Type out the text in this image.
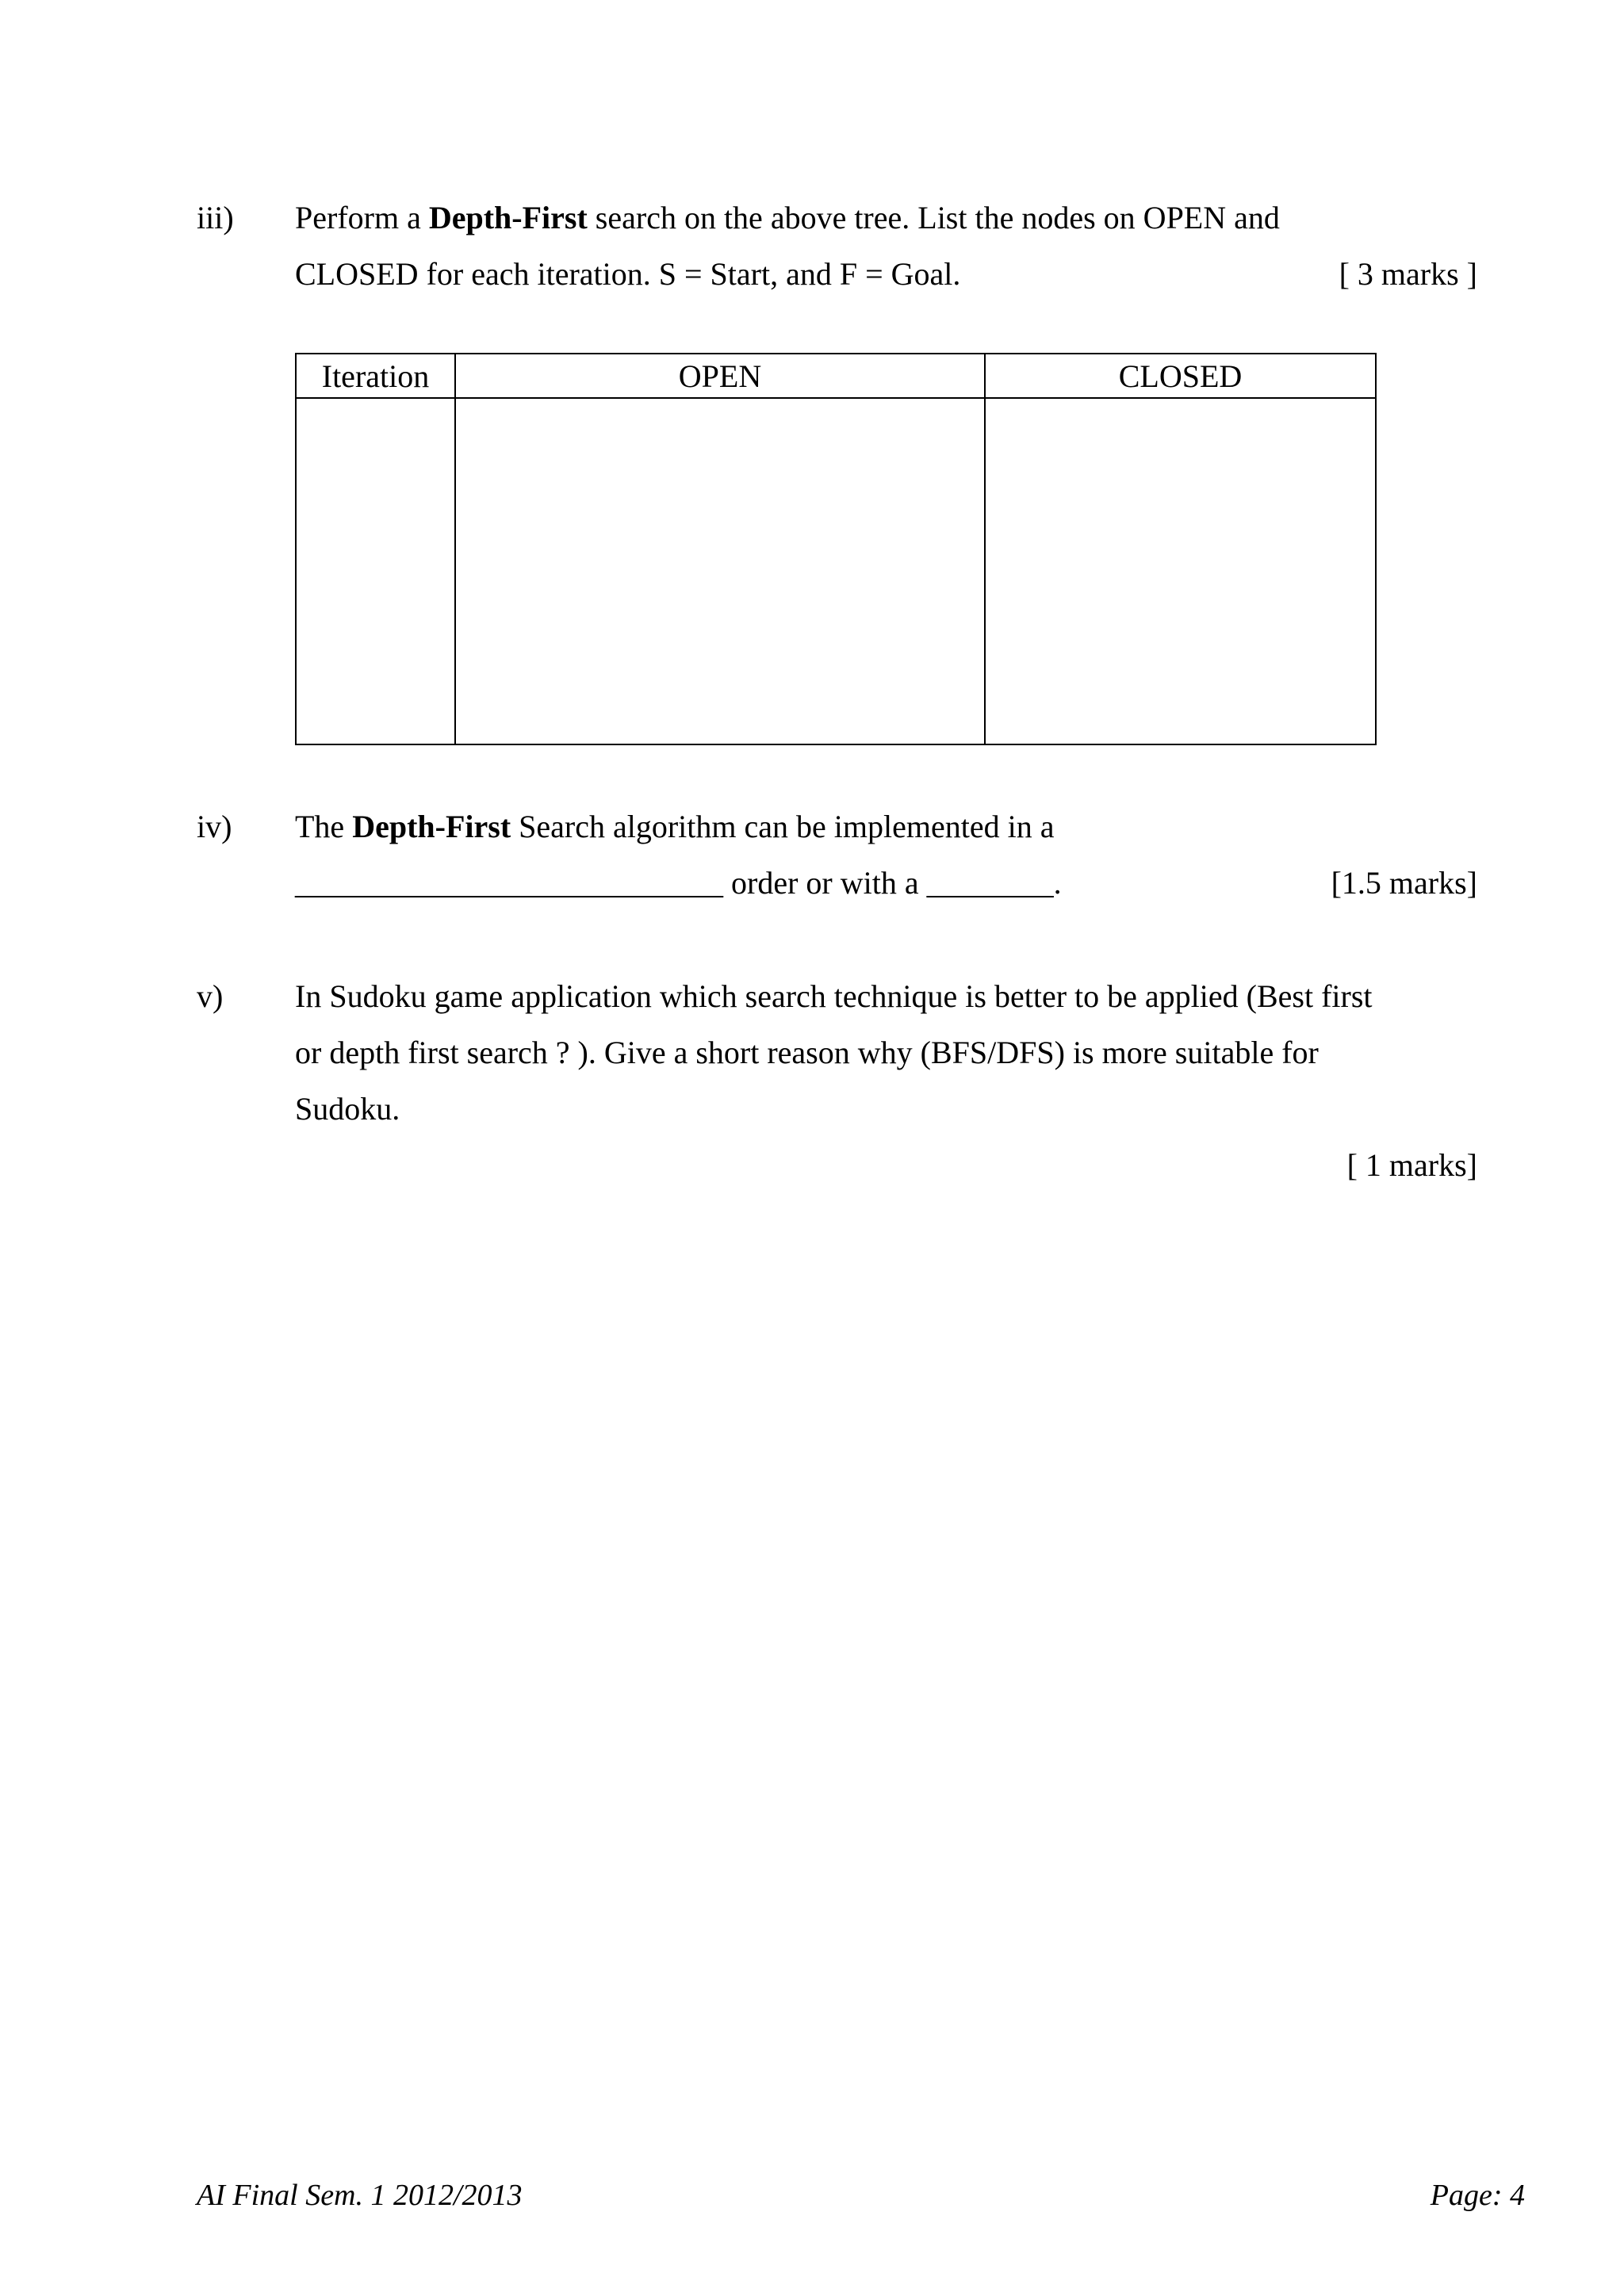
iii) Perform a Depth-First search on the above tree. List the nodes on OPEN and
CLOSED for each iteration. S = Start, and F = Goal.	[ 3 marks ]
Iteration	OPEN	CLOSED

iv) The Depth-First Search algorithm can be implemented in a
___________________________ order or with a ________.	[1.5 marks]
v) In Sudoku game application which search technique is better to be applied (Best first
or depth first search ? ). Give a short reason why (BFS/DFS) is more suitable for
Sudoku.
[ 1 marks]
AI Final Sem. 1 2012/2013	Page: 4
